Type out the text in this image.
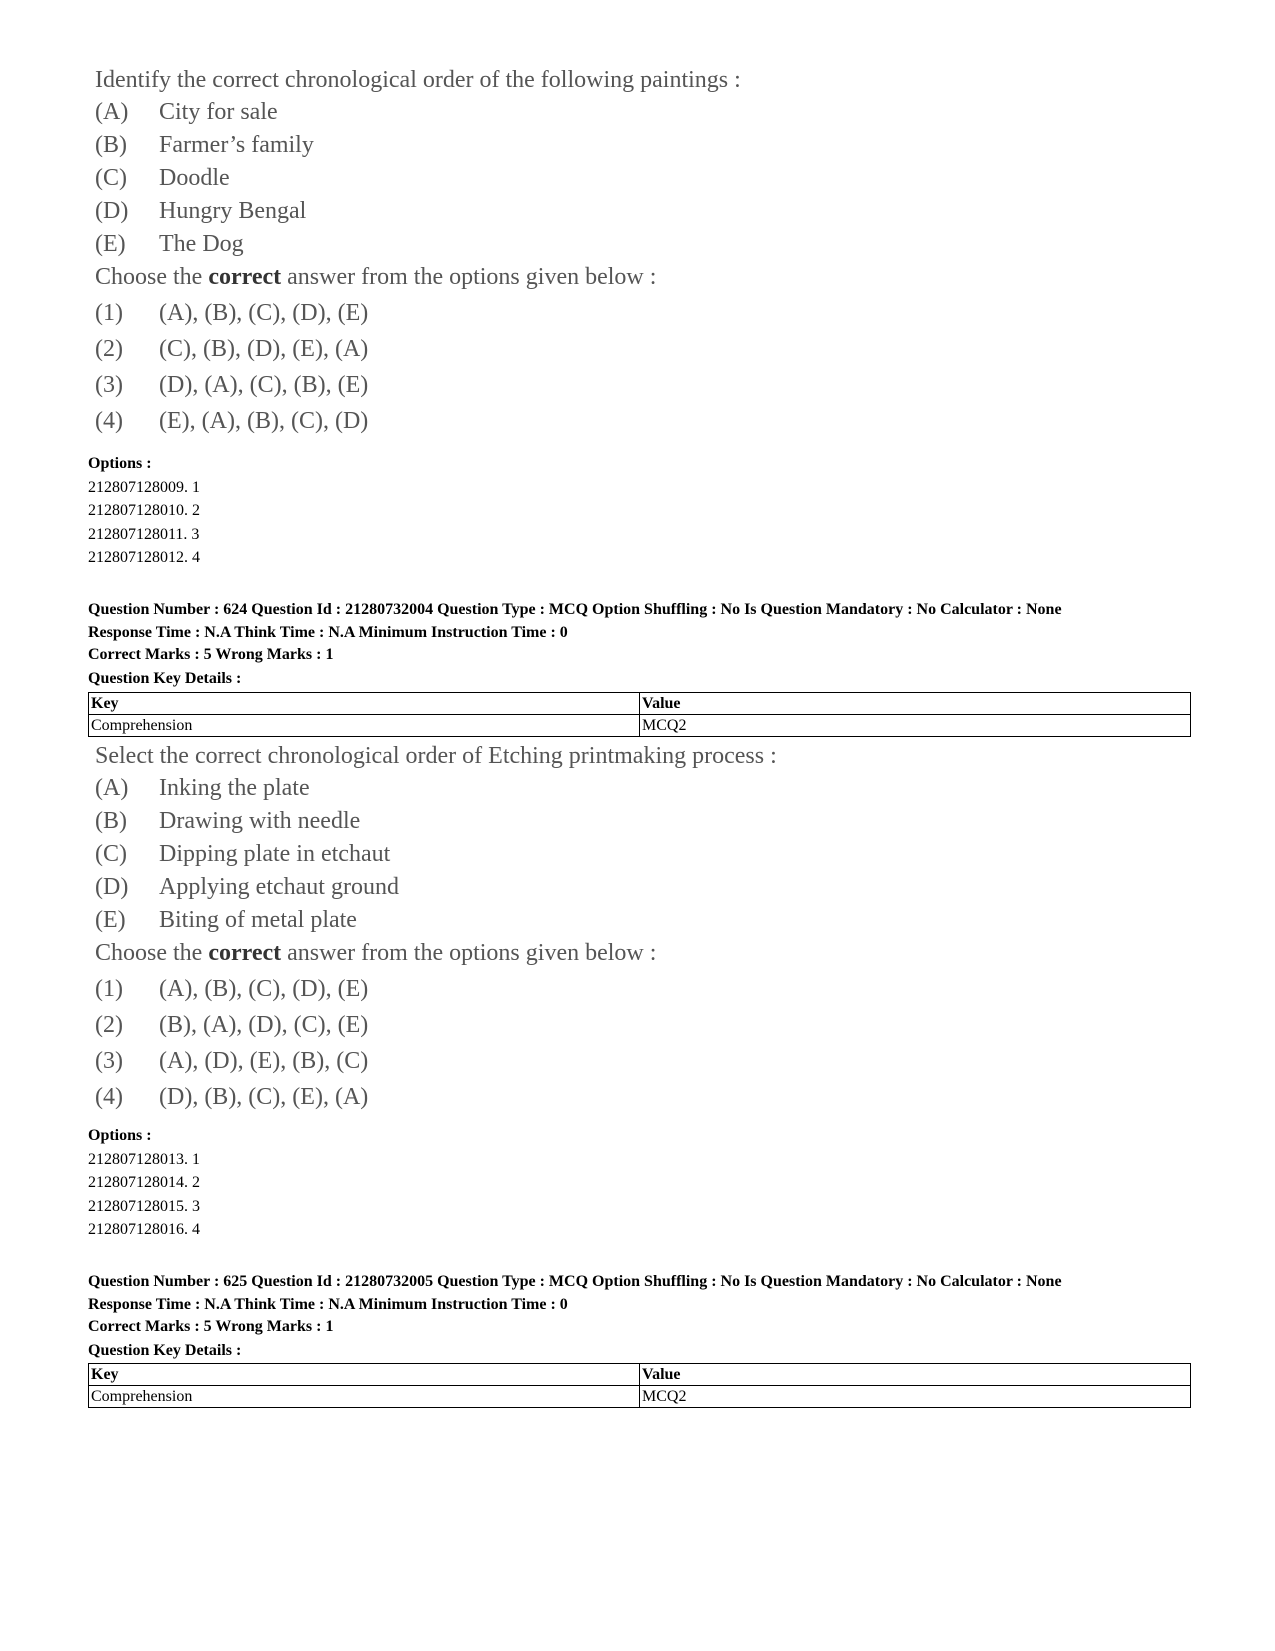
Identify the correct chronological order of the following paintings :
(A) City for sale
(B) Farmer’s family
(C) Doodle
(D) Hungry Bengal
(E) The Dog
Choose the correct answer from the options given below :
(1) (A), (B), (C), (D), (E)
(2) (C), (B), (D), (E), (A)
(3) (D), (A), (C), (B), (E)
(4) (E), (A), (B), (C), (D)
Options :
212807128009. 1
212807128010. 2
212807128011. 3
212807128012. 4
Question Number : 624 Question Id : 21280732004 Question Type : MCQ Option Shuffling : No Is Question Mandatory : No Calculator : None
Response Time : N.A Think Time : N.A Minimum Instruction Time : 0
Correct Marks : 5 Wrong Marks : 1
Question Key Details :
Key	Value
Comprehension	MCQ2
Select the correct chronological order of Etching printmaking process :
(A) Inking the plate
(B) Drawing with needle
(C) Dipping plate in etchaut
(D) Applying etchaut ground
(E) Biting of metal plate
Choose the correct answer from the options given below :
(1) (A), (B), (C), (D), (E)
(2) (B), (A), (D), (C), (E)
(3) (A), (D), (E), (B), (C)
(4) (D), (B), (C), (E), (A)
Options :
212807128013. 1
212807128014. 2
212807128015. 3
212807128016. 4
Question Number : 625 Question Id : 21280732005 Question Type : MCQ Option Shuffling : No Is Question Mandatory : No Calculator : None
Response Time : N.A Think Time : N.A Minimum Instruction Time : 0
Correct Marks : 5 Wrong Marks : 1
Question Key Details :
Key	Value
Comprehension	MCQ2
